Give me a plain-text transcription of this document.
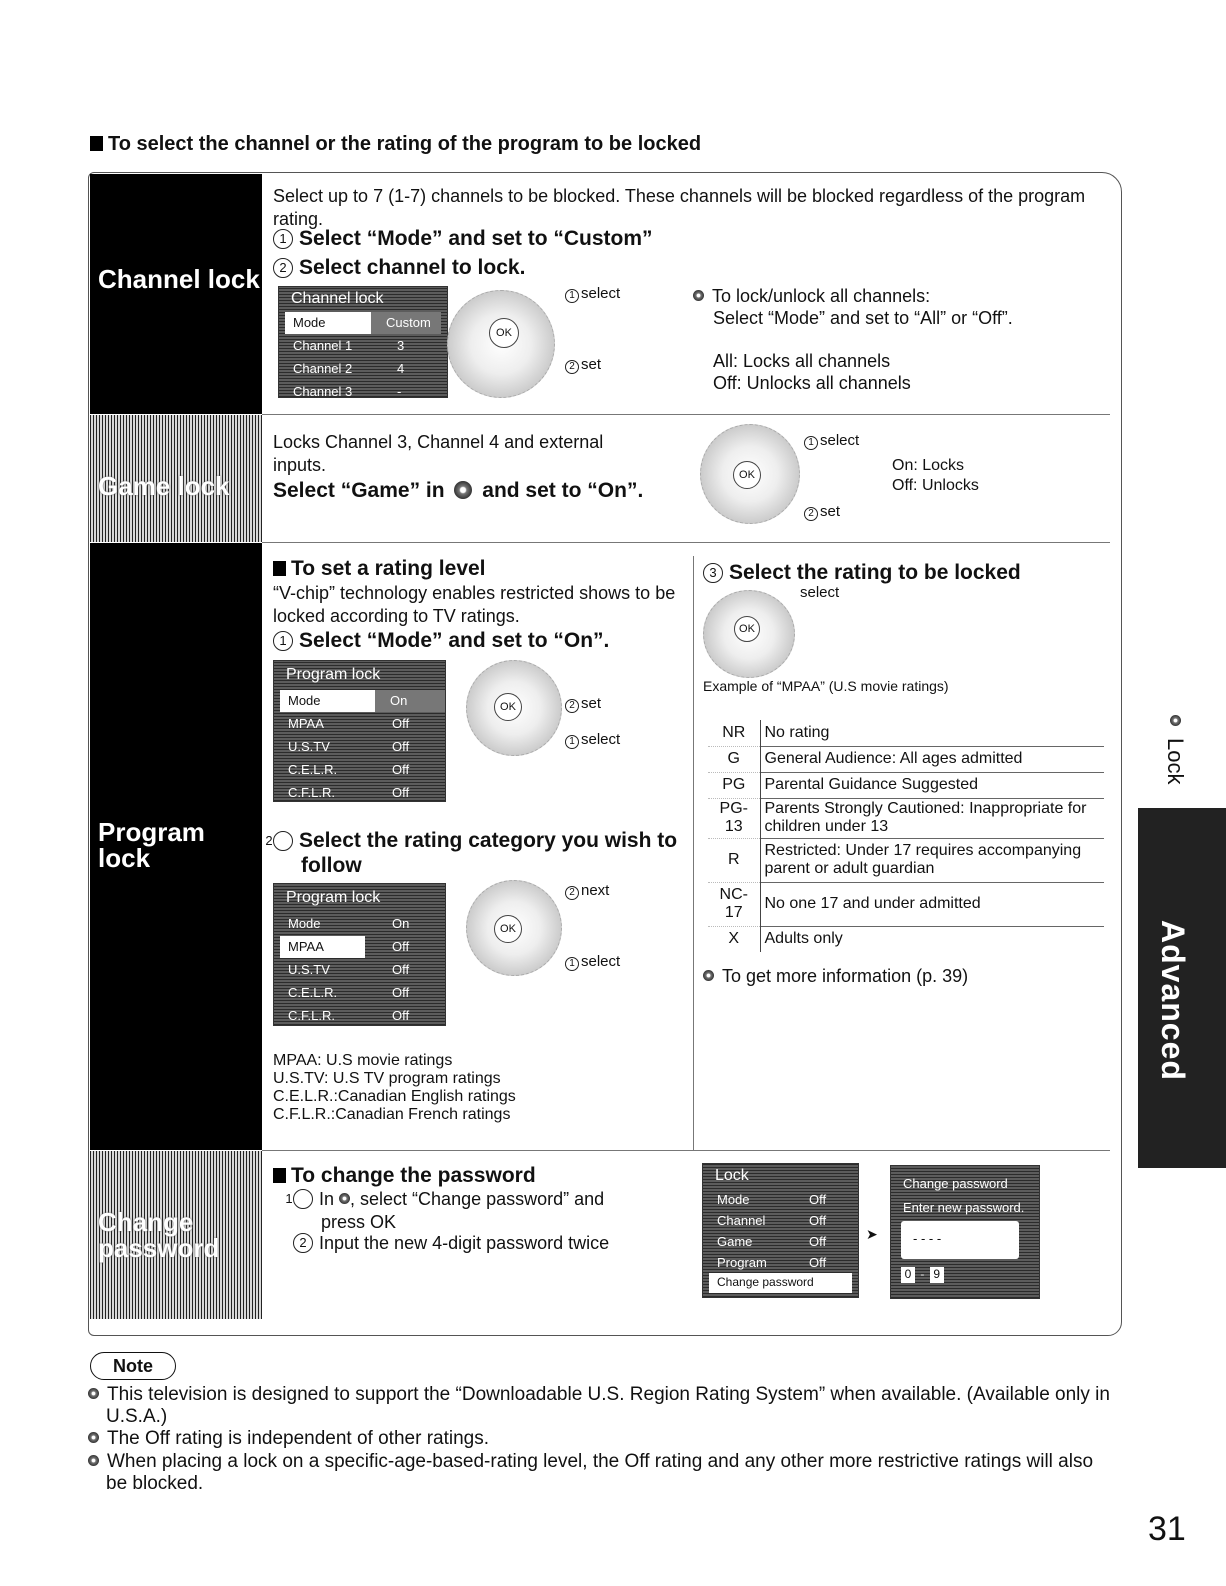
To select the channel or the rating of the program to be locked
Channel lock
Game lock
Program lock
Change password
Select up to 7 (1-7) channels to be blocked. These channels will be blocked regardless of the program rating.
1 Select “Mode” and set to “Custom”
2 Select channel to lock.
Channel lock
Mode	Custom
Channel 1	3
Channel 2	4
Channel 3	-
OK
1 select
2 set
To lock/unlock all channels:
Select “Mode” and set to “All” or “Off”.
All: Locks all channels
Off: Unlocks all channels
Locks Channel 3, Channel 4 and external inputs.
Select “Game” in and set to “On”.
OK
1 select
2 set
On: Locks
Off: Unlocks
To set a rating level
“V-chip” technology enables restricted shows to be locked according to TV ratings.
1 Select “Mode” and set to “On”.
Program lock
Mode	On
MPAA	Off
U.S.TV	Off
C.E.L.R.	Off
C.F.L.R.	Off
OK	2 set
1 select
2 Select the rating category you wish to follow
Program lock
Mode	On
MPAA	Off
U.S.TV	Off
C.E.L.R.	Off
C.F.L.R.	Off
OK
2 next
1 select
MPAA: U.S movie ratings
U.S.TV: U.S TV program ratings
C.E.L.R.:Canadian English ratings
C.F.L.R.:Canadian French ratings
3 Select the rating to be locked
OK
select
Example of “MPAA” (U.S movie ratings)
NR	No rating
G	General Audience: All ages admitted
PG	Parental Guidance Suggested
PG-13	Parents Strongly Cautioned: Inappropriate for children under 13
R	Restricted: Under 17 requires accompanying parent or adult guardian
NC-17	No one 17 and under admitted
X	Adults only
To get more information (p. 39)
To change the password
1 In , select “Change password” and press OK
2 Input the new 4-digit password twice
Lock
Mode	Off
Channel	Off
Game	Off
Program	Off
Change password
➤
Change password
Enter new password.
- - - -
0 - 9
Lock
Advanced
Note
This television is designed to support the “Downloadable U.S. Region Rating System” when available. (Available only in U.S.A.)
The Off rating is independent of other ratings.
When placing a lock on a specific-age-based-rating level, the Off rating and any other more restrictive ratings will also be blocked.
31
